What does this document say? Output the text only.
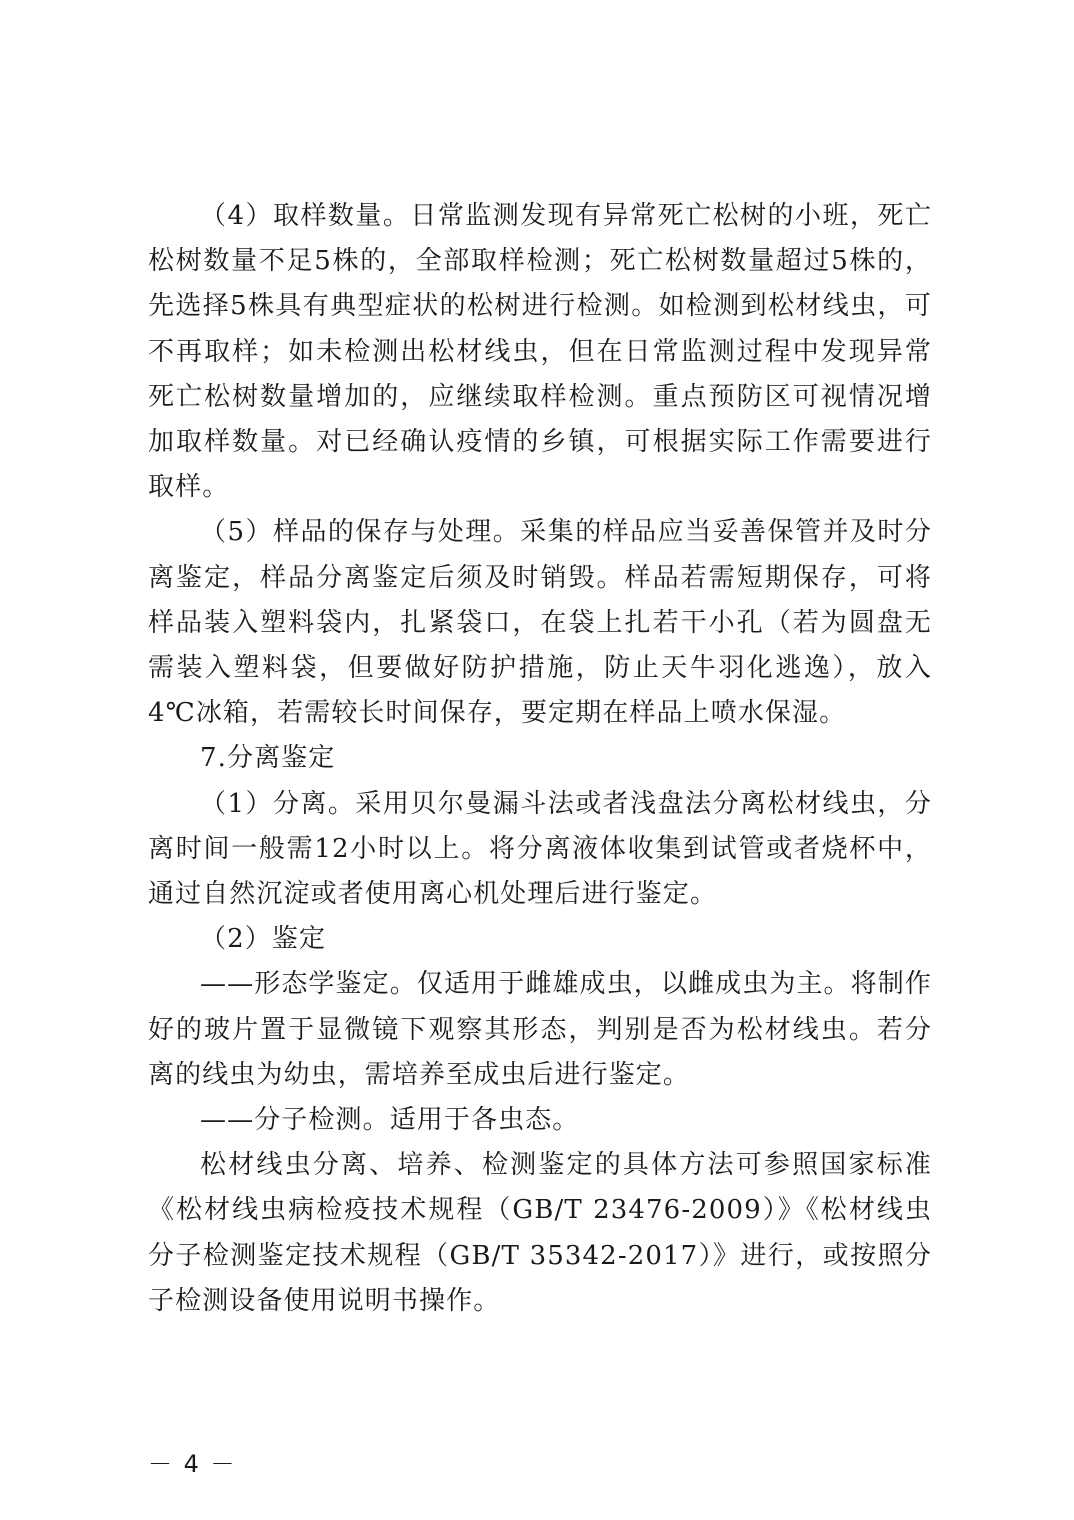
（4）取样数量。日常监测发现有异常死亡松树的小班，死亡松树数量不足5株的，全部取样检测；死亡松树数量超过5株的，先选择5株具有典型症状的松树进行检测。如检测到松材线虫，可不再取样；如未检测出松材线虫，但在日常监测过程中发现异常死亡松树数量增加的，应继续取样检测。重点预防区可视情况增加取样数量。对已经确认疫情的乡镇，可根据实际工作需要进行取样。

（5）样品的保存与处理。采集的样品应当妥善保管并及时分离鉴定，样品分离鉴定后须及时销毁。样品若需短期保存，可将样品装入塑料袋内，扎紧袋口，在袋上扎若干小孔（若为圆盘无需装入塑料袋，但要做好防护措施，防止天牛羽化逃逸），放入4℃冰箱，若需较长时间保存，要定期在样品上喷水保湿。

7.分离鉴定

（1）分离。采用贝尔曼漏斗法或者浅盘法分离松材线虫，分离时间一般需12小时以上。将分离液体收集到试管或者烧杯中，通过自然沉淀或者使用离心机处理后进行鉴定。

（2）鉴定

——形态学鉴定。仅适用于雌雄成虫，以雌成虫为主。将制作好的玻片置于显微镜下观察其形态，判别是否为松材线虫。若分离的线虫为幼虫，需培养至成虫后进行鉴定。

——分子检测。适用于各虫态。

松材线虫分离、培养、检测鉴定的具体方法可参照国家标准《松材线虫病检疫技术规程（GB/T 23476-2009）》《松材线虫分子检测鉴定技术规程（GB/T 35342-2017）》进行，或按照分子检测设备使用说明书操作。

－ 4 －
